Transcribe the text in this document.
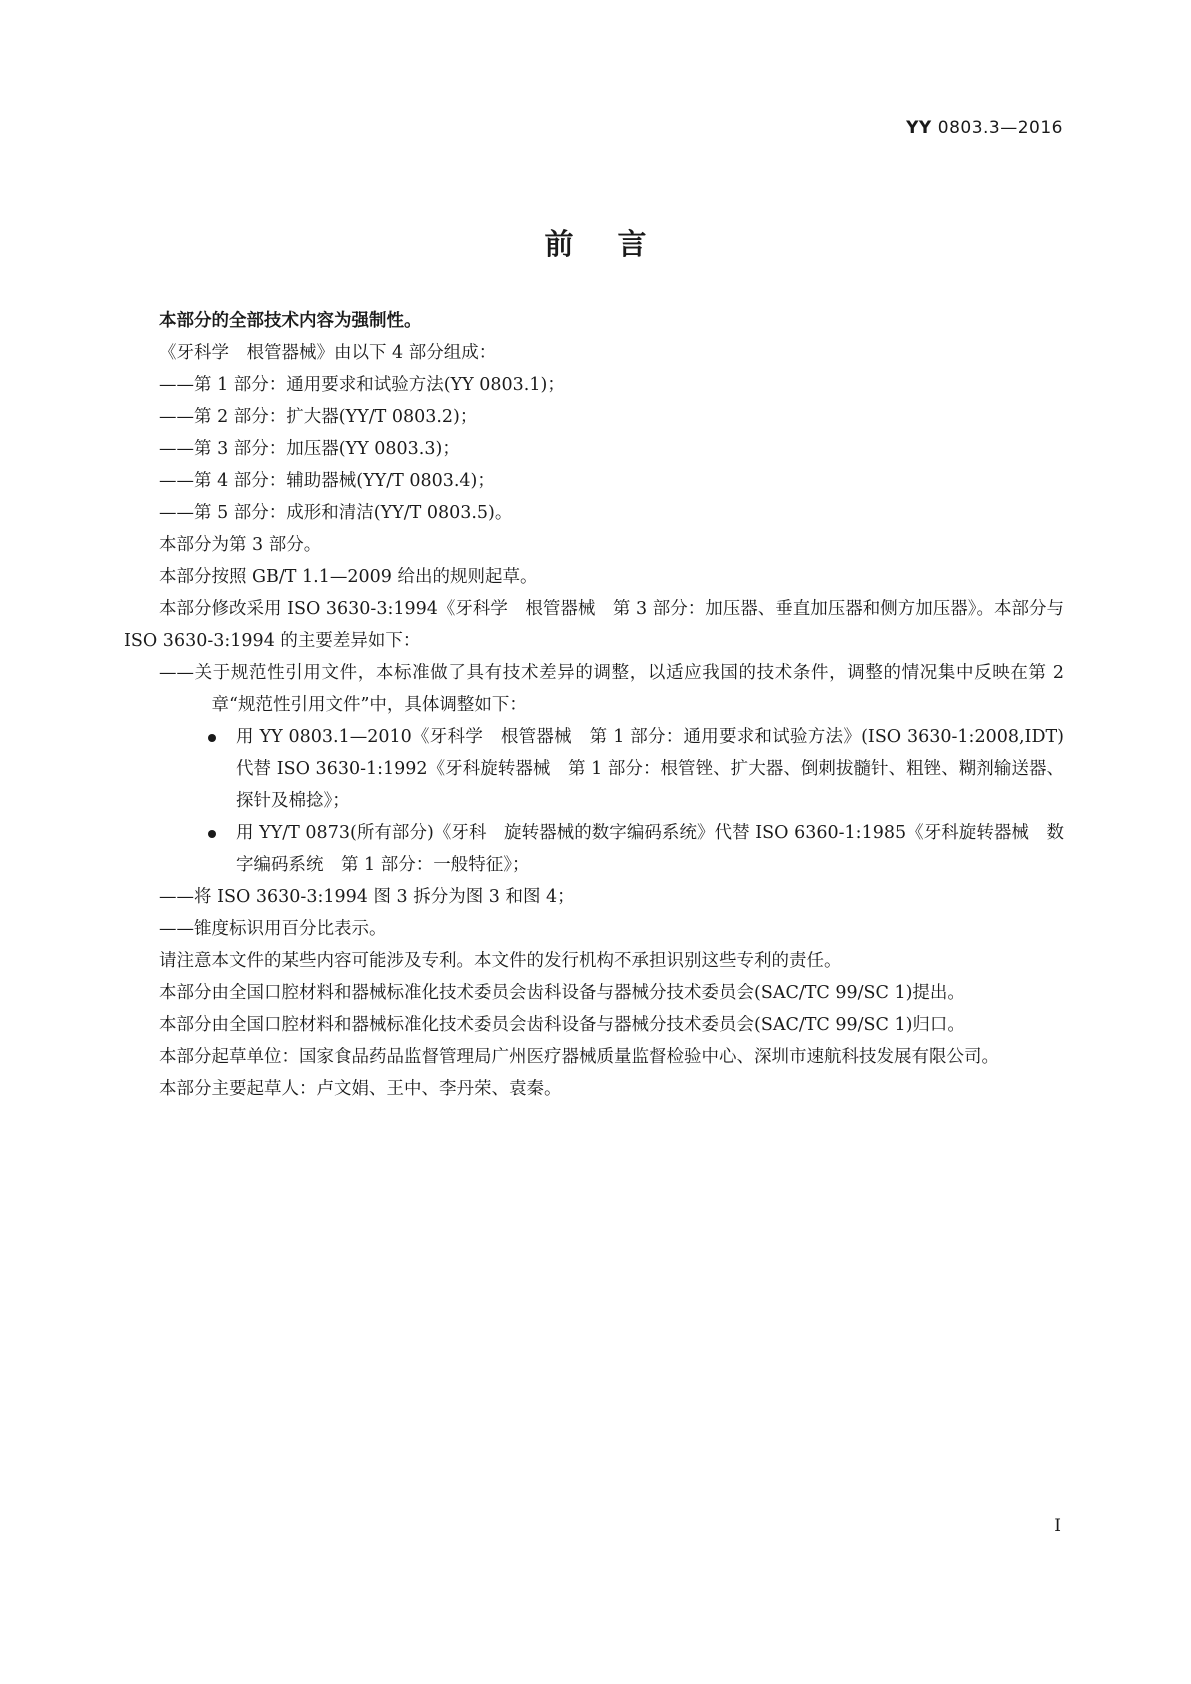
YY 0803.3—2016
前言

本部分的全部技术内容为强制性。

《牙科学　根管器械》由以下 4 部分组成：

——第 1 部分：通用要求和试验方法(YY 0803.1)；

——第 2 部分：扩大器(YY/T 0803.2)；

——第 3 部分：加压器(YY 0803.3)；

——第 4 部分：辅助器械(YY/T 0803.4)；

——第 5 部分：成形和清洁(YY/T 0803.5)。

本部分为第 3 部分。

本部分按照 GB/T 1.1—2009 给出的规则起草。

本部分修改采用 ISO 3630-3:1994《牙科学　根管器械　第 3 部分：加压器、垂直加压器和侧方加压器》。本部分与 ISO 3630-3:1994 的主要差异如下：

——关于规范性引用文件，本标准做了具有技术差异的调整，以适应我国的技术条件，调整的情况集中反映在第 2 章“规范性引用文件”中，具体调整如下：

用 YY 0803.1—2010《牙科学　根管器械　第 1 部分：通用要求和试验方法》(ISO 3630-1:2008,IDT)代替 ISO 3630-1:1992《牙科旋转器械　第 1 部分：根管锉、扩大器、倒刺拔髓针、粗锉、糊剂输送器、探针及棉捻》；
用 YY/T 0873(所有部分)《牙科　旋转器械的数字编码系统》代替 ISO 6360-1:1985《牙科旋转器械　数字编码系统　第 1 部分：一般特征》；

——将 ISO 3630-3:1994 图 3 拆分为图 3 和图 4；

——锥度标识用百分比表示。

请注意本文件的某些内容可能涉及专利。本文件的发行机构不承担识别这些专利的责任。

本部分由全国口腔材料和器械标准化技术委员会齿科设备与器械分技术委员会(SAC/TC 99/SC 1)提出。

本部分由全国口腔材料和器械标准化技术委员会齿科设备与器械分技术委员会(SAC/TC 99/SC 1)归口。

本部分起草单位：国家食品药品监督管理局广州医疗器械质量监督检验中心、深圳市速航科技发展有限公司。

本部分主要起草人：卢文娟、王中、李丹荣、袁秦。

I
